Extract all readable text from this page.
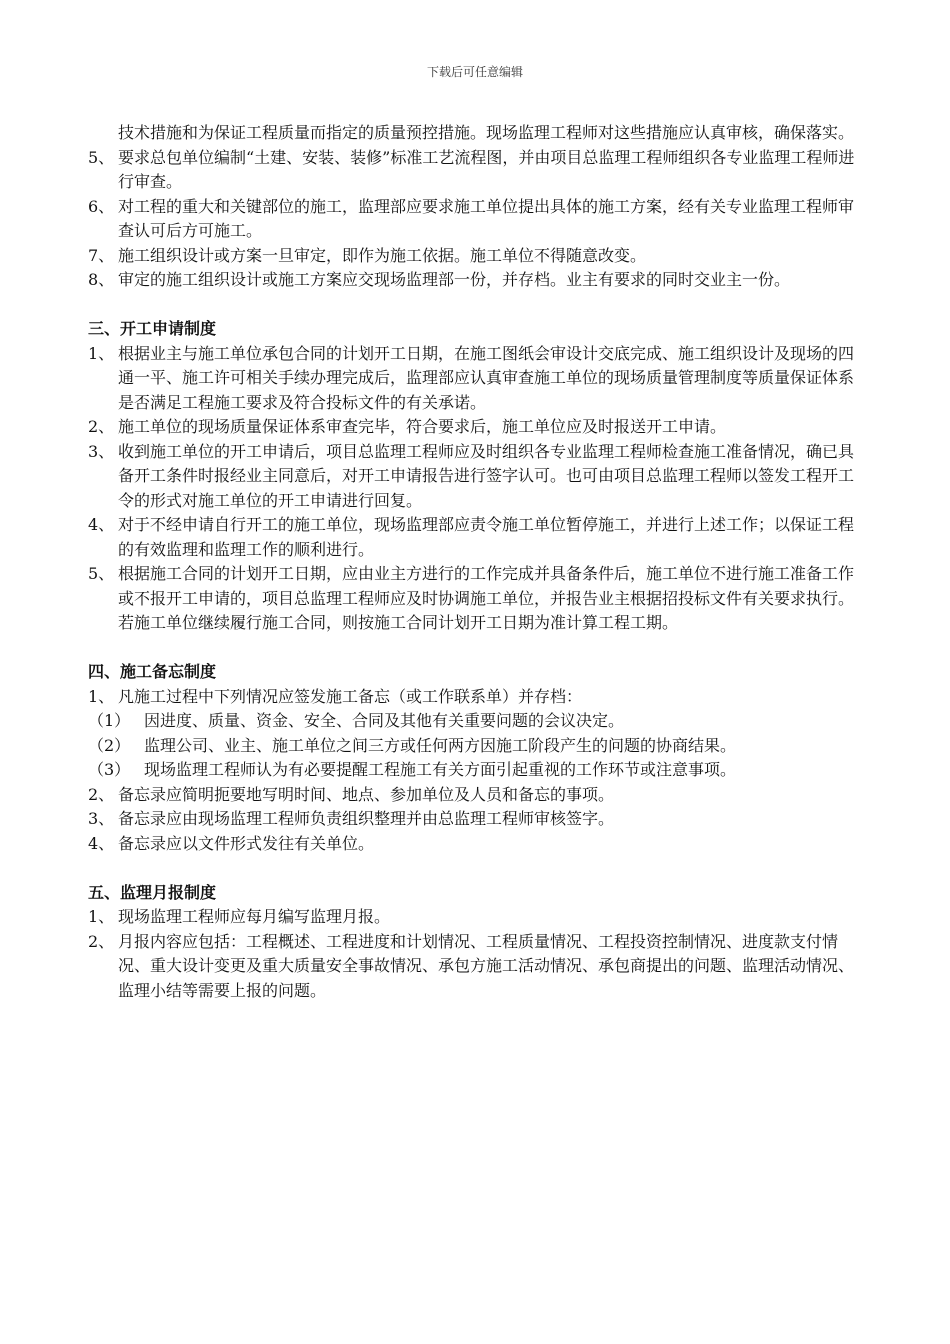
下载后可任意编辑
技术措施和为保证工程质量而指定的质量预控措施。现场监理工程师对这些措施应认真审核，确保落实。
5、 要求总包单位编制“土建、安装、装修”标准工艺流程图，并由项目总监理工程师组织各专业监理工程师进行审查。
6、 对工程的重大和关键部位的施工，监理部应要求施工单位提出具体的施工方案，经有关专业监理工程师审查认可后方可施工。
7、 施工组织设计或方案一旦审定，即作为施工依据。施工单位不得随意改变。
8、 审定的施工组织设计或施工方案应交现场监理部一份，并存档。业主有要求的同时交业主一份。
三、开工申请制度
1、 根据业主与施工单位承包合同的计划开工日期，在施工图纸会审设计交底完成、施工组织设计及现场的四通一平、施工许可相关手续办理完成后，监理部应认真审查施工单位的现场质量管理制度等质量保证体系是否满足工程施工要求及符合投标文件的有关承诺。
2、 施工单位的现场质量保证体系审查完毕，符合要求后，施工单位应及时报送开工申请。
3、 收到施工单位的开工申请后，项目总监理工程师应及时组织各专业监理工程师检查施工准备情况，确已具备开工条件时报经业主同意后，对开工申请报告进行签字认可。也可由项目总监理工程师以签发工程开工令的形式对施工单位的开工申请进行回复。
4、 对于不经申请自行开工的施工单位，现场监理部应责令施工单位暂停施工，并进行上述工作；以保证工程的有效监理和监理工作的顺利进行。
5、 根据施工合同的计划开工日期，应由业主方进行的工作完成并具备条件后，施工单位不进行施工准备工作或不报开工申请的，项目总监理工程师应及时协调施工单位，并报告业主根据招投标文件有关要求执行。若施工单位继续履行施工合同，则按施工合同计划开工日期为准计算工程工期。
四、施工备忘制度
1、 凡施工过程中下列情况应签发施工备忘（或工作联系单）并存档：
（1） 因进度、质量、资金、安全、合同及其他有关重要问题的会议决定。
（2） 监理公司、业主、施工单位之间三方或任何两方因施工阶段产生的问题的协商结果。
（3） 现场监理工程师认为有必要提醒工程施工有关方面引起重视的工作环节或注意事项。
2、 备忘录应简明扼要地写明时间、地点、参加单位及人员和备忘的事项。
3、 备忘录应由现场监理工程师负责组织整理并由总监理工程师审核签字。
4、 备忘录应以文件形式发往有关单位。
五、监理月报制度
1、 现场监理工程师应每月编写监理月报。
2、 月报内容应包括：工程概述、工程进度和计划情况、工程质量情况、工程投资控制情况、进度款支付情况、重大设计变更及重大质量安全事故情况、承包方施工活动情况、承包商提出的问题、监理活动情况、监理小结等需要上报的问题。
